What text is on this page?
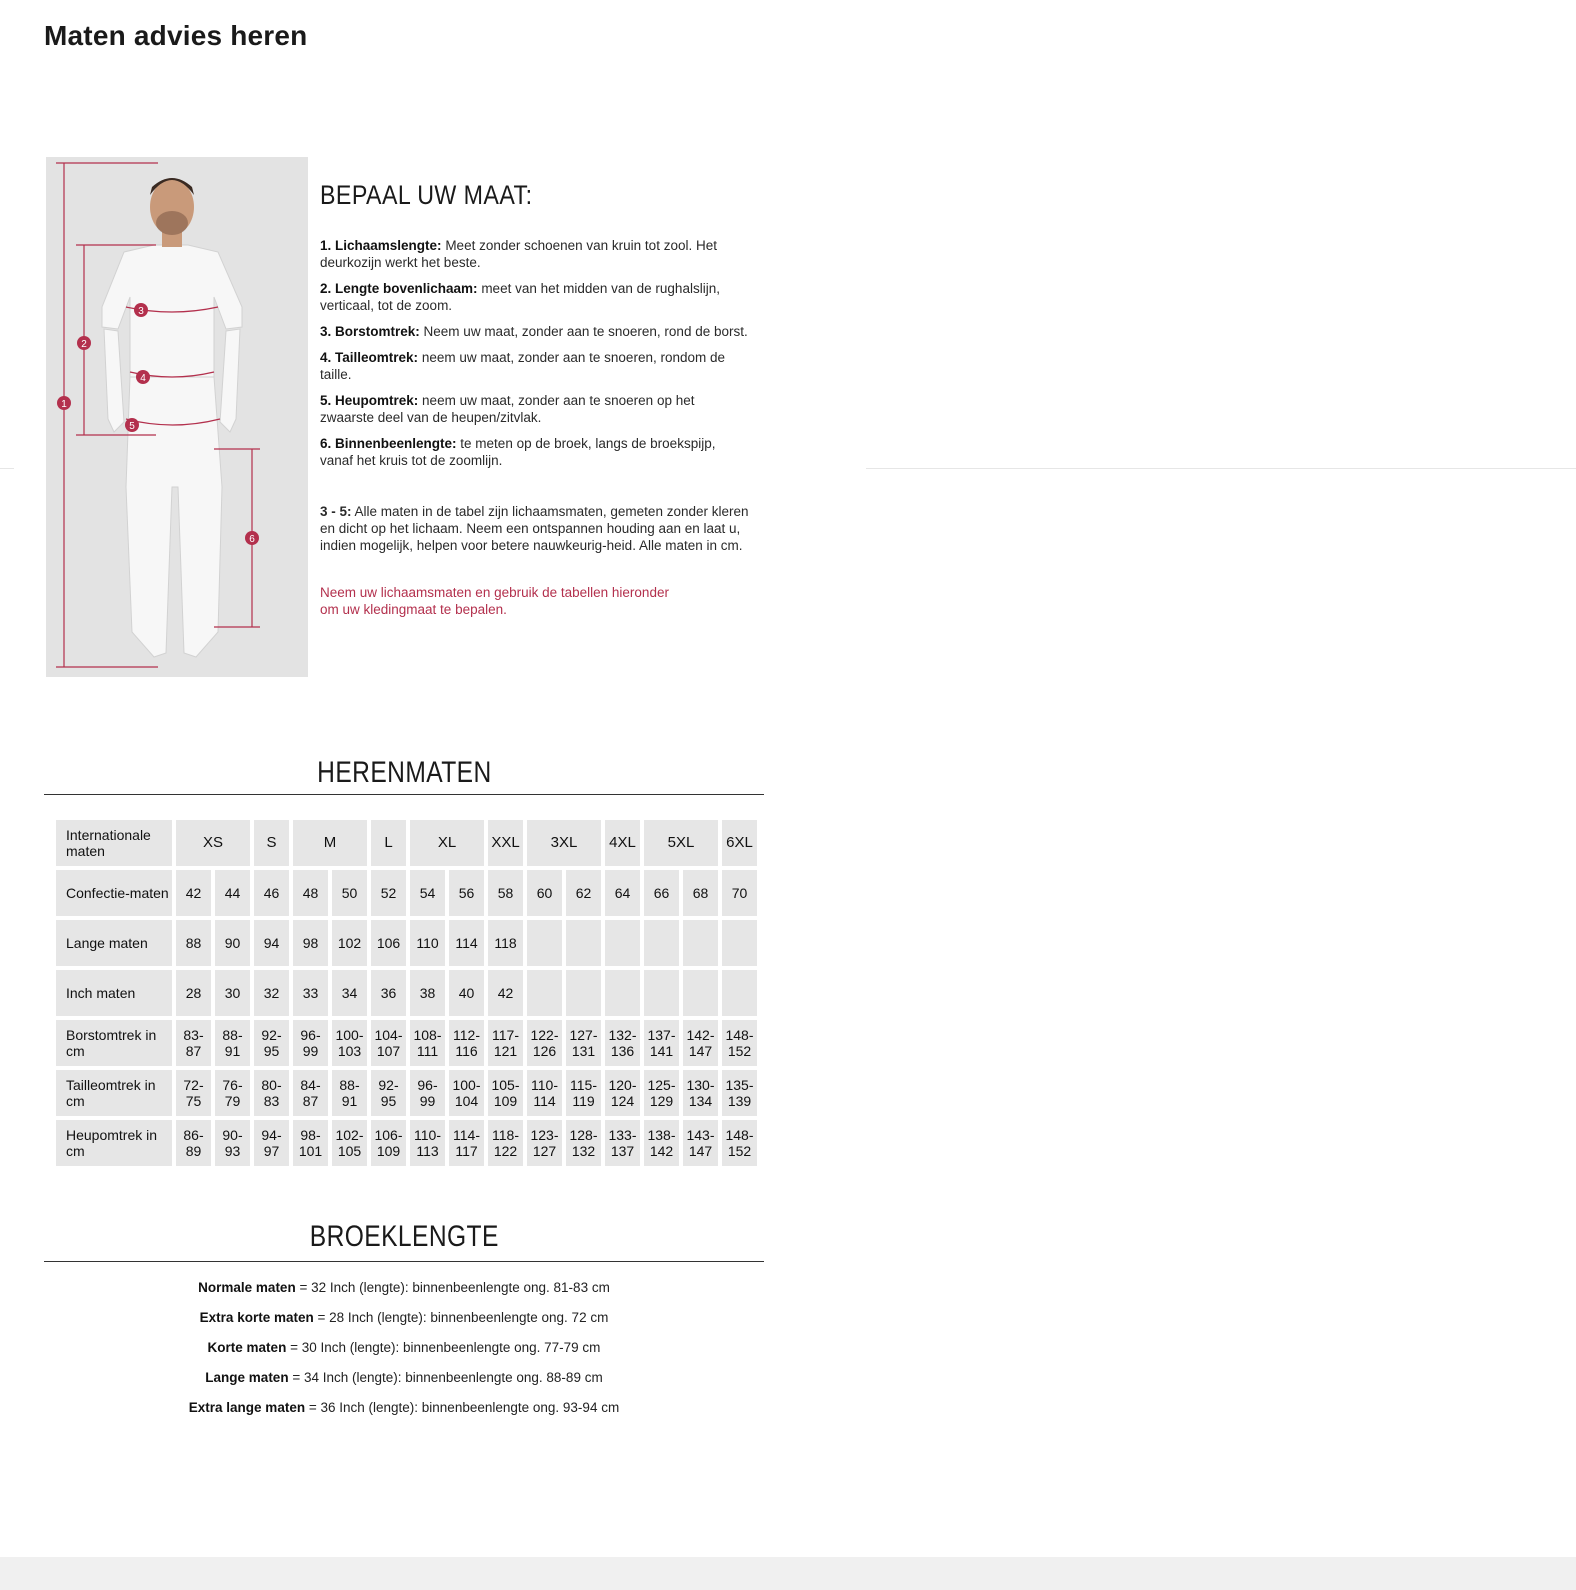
Maten advies heren
1
2
3
4
5
6
BEPAAL UW MAAT:

1. Lichaamslengte: Meet zonder schoenen van kruin tot zool. Het deurkozijn werkt het beste.

2. Lengte bovenlichaam: meet van het midden van de rughalslijn, verticaal, tot de zoom.

3. Borstomtrek: Neem uw maat, zonder aan te snoeren, rond de borst.

4. Tailleomtrek: neem uw maat, zonder aan te snoeren, rondom de taille.

5. Heupomtrek: neem uw maat, zonder aan te snoeren op het zwaarste deel van de heupen/zitvlak.

6. Binnenbeenlengte: te meten op de broek, langs de broekspijp, vanaf het kruis tot de zoomlijn.

3 - 5: Alle maten in de tabel zijn lichaamsmaten, gemeten zonder kleren en dicht op het lichaam. Neem een ontspannen houding aan en laat u, indien mogelijk, helpen voor betere nauwkeurig-heid. Alle maten in cm.

Neem uw lichaamsmaten en gebruik de tabellen hieronder om uw kledingmaat te bepalen.

HERENMATEN
Internationale maten	XS		S	M		L	XL		XXL	3XL		4XL	5XL		6XL
Confectie-maten	42	44	46	48	50	52	54	56	58	60	62	64	66	68	70
Lange maten	88	90	94	98	102	106	110	114	118						
Inch maten	28	30	32	33	34	36	38	40	42						
Borstomtrek in cm	83-87	88-91	92-95	96-99	100-103	104-107	108-111	112-116	117-121	122-126	127-131	132-136	137-141	142-147	148-152
Tailleomtrek in cm	72-75	76-79	80-83	84-87	88-91	92-95	96-99	100-104	105-109	110-114	115-119	120-124	125-129	130-134	135-139
Heupomtrek in cm	86-89	90-93	94-97	98-101	102-105	106-109	110-113	114-117	118-122	123-127	128-132	133-137	138-142	143-147	148-152
BROEKLENGTE

Normale maten = 32 Inch (lengte): binnenbeenlengte ong. 81-83 cm

Extra korte maten = 28 Inch (lengte): binnenbeenlengte ong. 72 cm

Korte maten = 30 Inch (lengte): binnenbeenlengte ong. 77-79 cm

Lange maten = 34 Inch (lengte): binnenbeenlengte ong. 88-89 cm

Extra lange maten = 36 Inch (lengte): binnenbeenlengte ong. 93-94 cm
